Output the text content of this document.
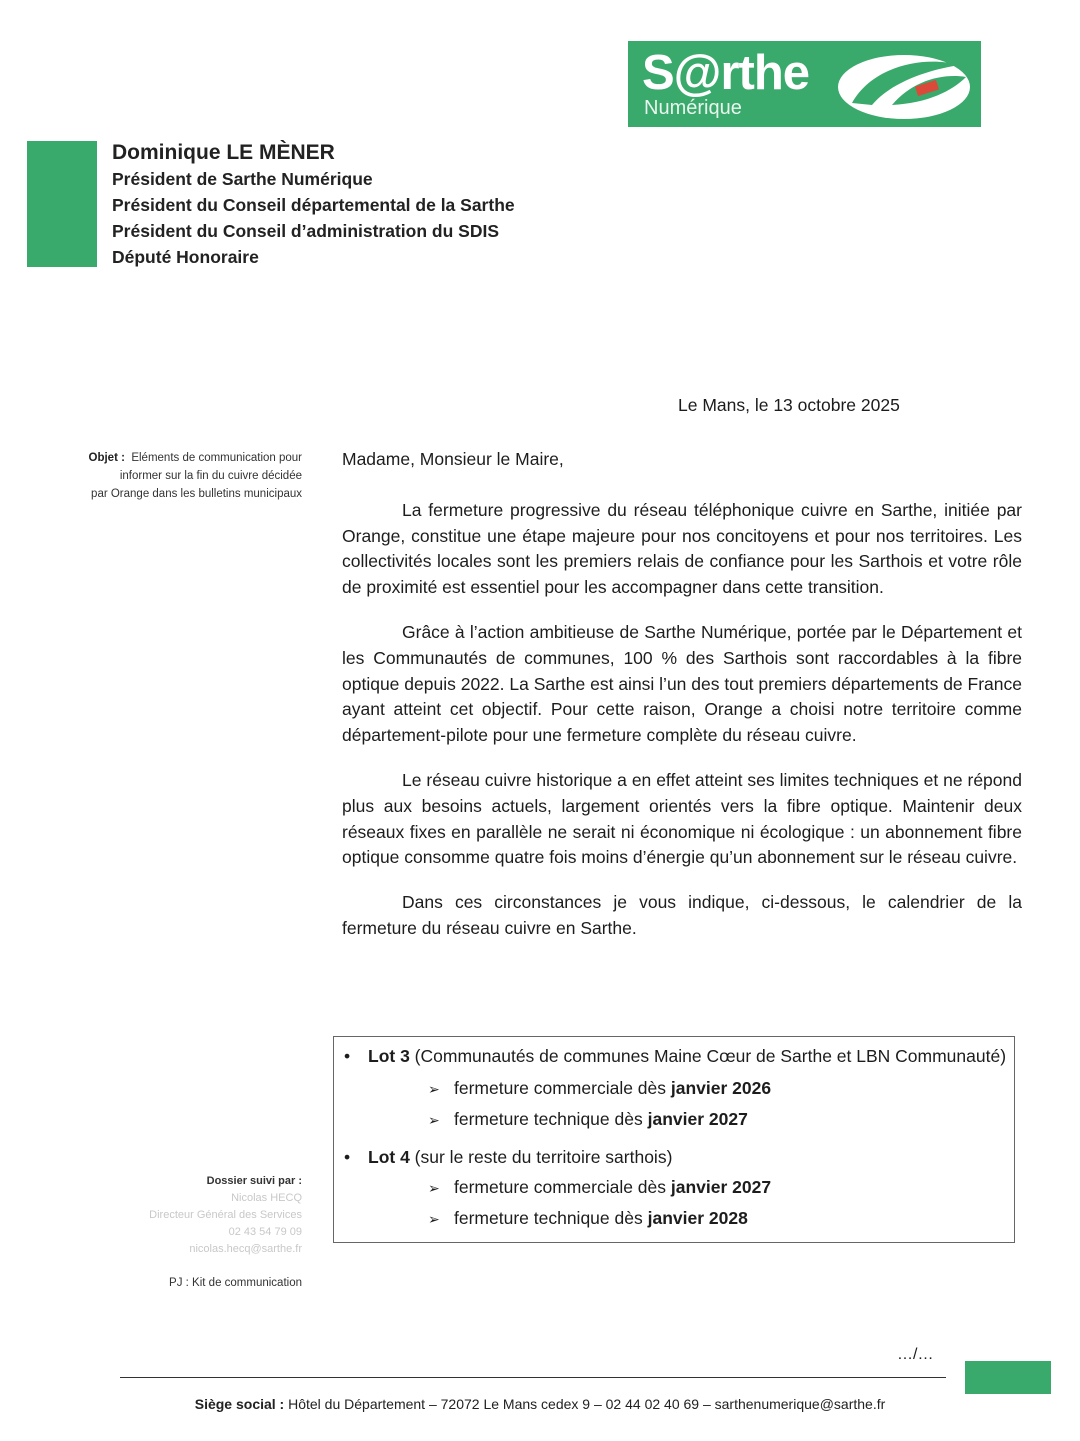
S@rthe
Numérique
Dominique LE MÈNER
Président de Sarthe Numérique
Président du Conseil départemental de la Sarthe
Président du Conseil d’administration du SDIS
Député Honoraire
Le Mans, le 13 octobre 2025
Objet : Eléments de communication pour
informer sur la fin du cuivre décidée
par Orange dans les bulletins municipaux

Madame, Monsieur le Maire,

La fermeture progressive du réseau téléphonique cuivre en Sarthe, initiée par Orange, constitue une étape majeure pour nos concitoyens et pour nos territoires. Les collectivités locales sont les premiers relais de confiance pour les Sarthois et votre rôle de proximité est essentiel pour les accompagner dans cette transition.

Grâce à l’action ambitieuse de Sarthe Numérique, portée par le Département et les Communautés de communes, 100 % des Sarthois sont raccordables à la fibre optique depuis 2022. La Sarthe est ainsi l’un des tout premiers départements de France ayant atteint cet objectif. Pour cette raison, Orange a choisi notre territoire comme département-pilote pour une fermeture complète du réseau cuivre.

Le réseau cuivre historique a en effet atteint ses limites techniques et ne répond plus aux besoins actuels, largement orientés vers la fibre optique. Maintenir deux réseaux fixes en parallèle ne serait ni économique ni écologique : un abonnement fibre optique consomme quatre fois moins d’énergie qu’un abonnement sur le réseau cuivre.

Dans ces circonstances je vous indique, ci-dessous, le calendrier de la fermeture du réseau cuivre en Sarthe.

• Lot 3 (Communautés de communes Maine Cœur de Sarthe et LBN Communauté)
➢ fermeture commerciale dès janvier 2026
➢ fermeture technique dès janvier 2027
• Lot 4 (sur le reste du territoire sarthois)
➢ fermeture commerciale dès janvier 2027
➢ fermeture technique dès janvier 2028
Dossier suivi par :
Nicolas HECQ
Directeur Général des Services
02 43 54 79 09
nicolas.hecq@sarthe.fr
PJ : Kit de communication
…/…
Siège social : Hôtel du Département – 72072 Le Mans cedex 9 – 02 44 02 40 69 – sarthenumerique@sarthe.fr
